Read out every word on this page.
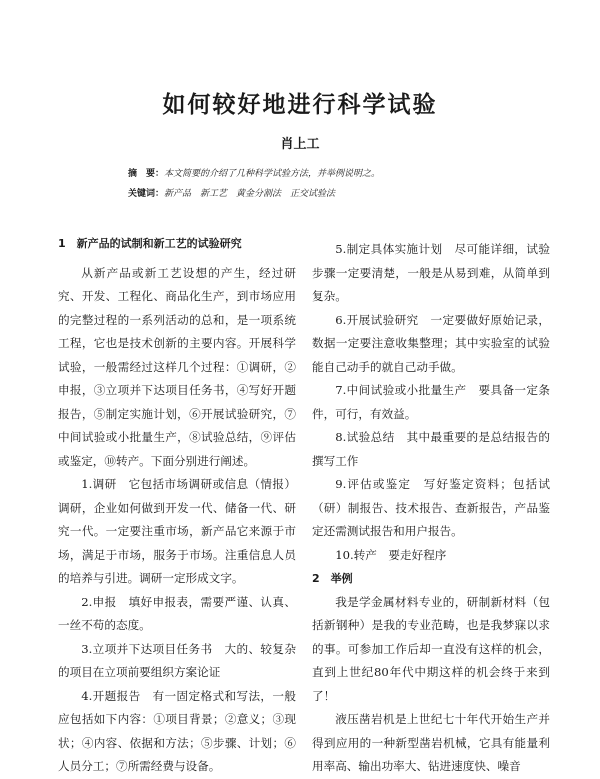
如何较好地进行科学试验
肖上工
摘　要：本文简要的介绍了几种科学试验方法，并举例说明之。
关键词：新产品　新工艺　黄金分割法　正交试验法

1　新产品的试制和新工艺的试验研究

从新产品或新工艺设想的产生，经过研究、开发、工程化、商品化生产，到市场应用的完整过程的一系列活动的总和，是一项系统工程，它也是技术创新的主要内容。开展科学试验，一般需经过这样几个过程：①调研，②申报，③立项并下达项目任务书，④写好开题报告，⑤制定实施计划，⑥开展试验研究，⑦中间试验或小批量生产，⑧试验总结，⑨评估或鉴定，⑩转产。下面分别进行阐述。

1.调研　它包括市场调研或信息（情报）调研，企业如何做到开发一代、储备一代、研究一代。一定要注重市场，新产品它来源于市场，满足于市场，服务于市场。注重信息人员的培养与引进。调研一定形成文字。

2.申报　填好申报表，需要严谨、认真、一丝不苟的态度。

3.立项并下达项目任务书　大的、较复杂的项目在立项前要组织方案论证

4.开题报告　有一固定格式和写法，一般应包括如下内容：①项目背景；②意义；③现状；④内容、依据和方法；⑤步骤、计划；⑥人员分工；⑦所需经费与设备。

5.制定具体实施计划　尽可能详细，试验步骤一定要清楚，一般是从易到难，从简单到复杂。

6.开展试验研究　一定要做好原始记录，数据一定要注意收集整理；其中实验室的试验能自己动手的就自己动手做。

7.中间试验或小批量生产　要具备一定条件，可行，有效益。

8.试验总结　其中最重要的是总结报告的撰写工作

9.评估或鉴定　写好鉴定资料；包括试（研）制报告、技术报告、查新报告，产品鉴定还需测试报告和用户报告。

10.转产　要走好程序

2　举例

我是学金属材料专业的，研制新材料（包括新钢种）是我的专业范畴，也是我梦寐以求的事。可参加工作后却一直没有这样的机会，直到上世纪80年代中期这样的机会终于来到了！

液压凿岩机是上世纪七十年代开始生产并得到应用的一种新型凿岩机械，它具有能量利用率高、输出功率大、钻进速度快、噪音
